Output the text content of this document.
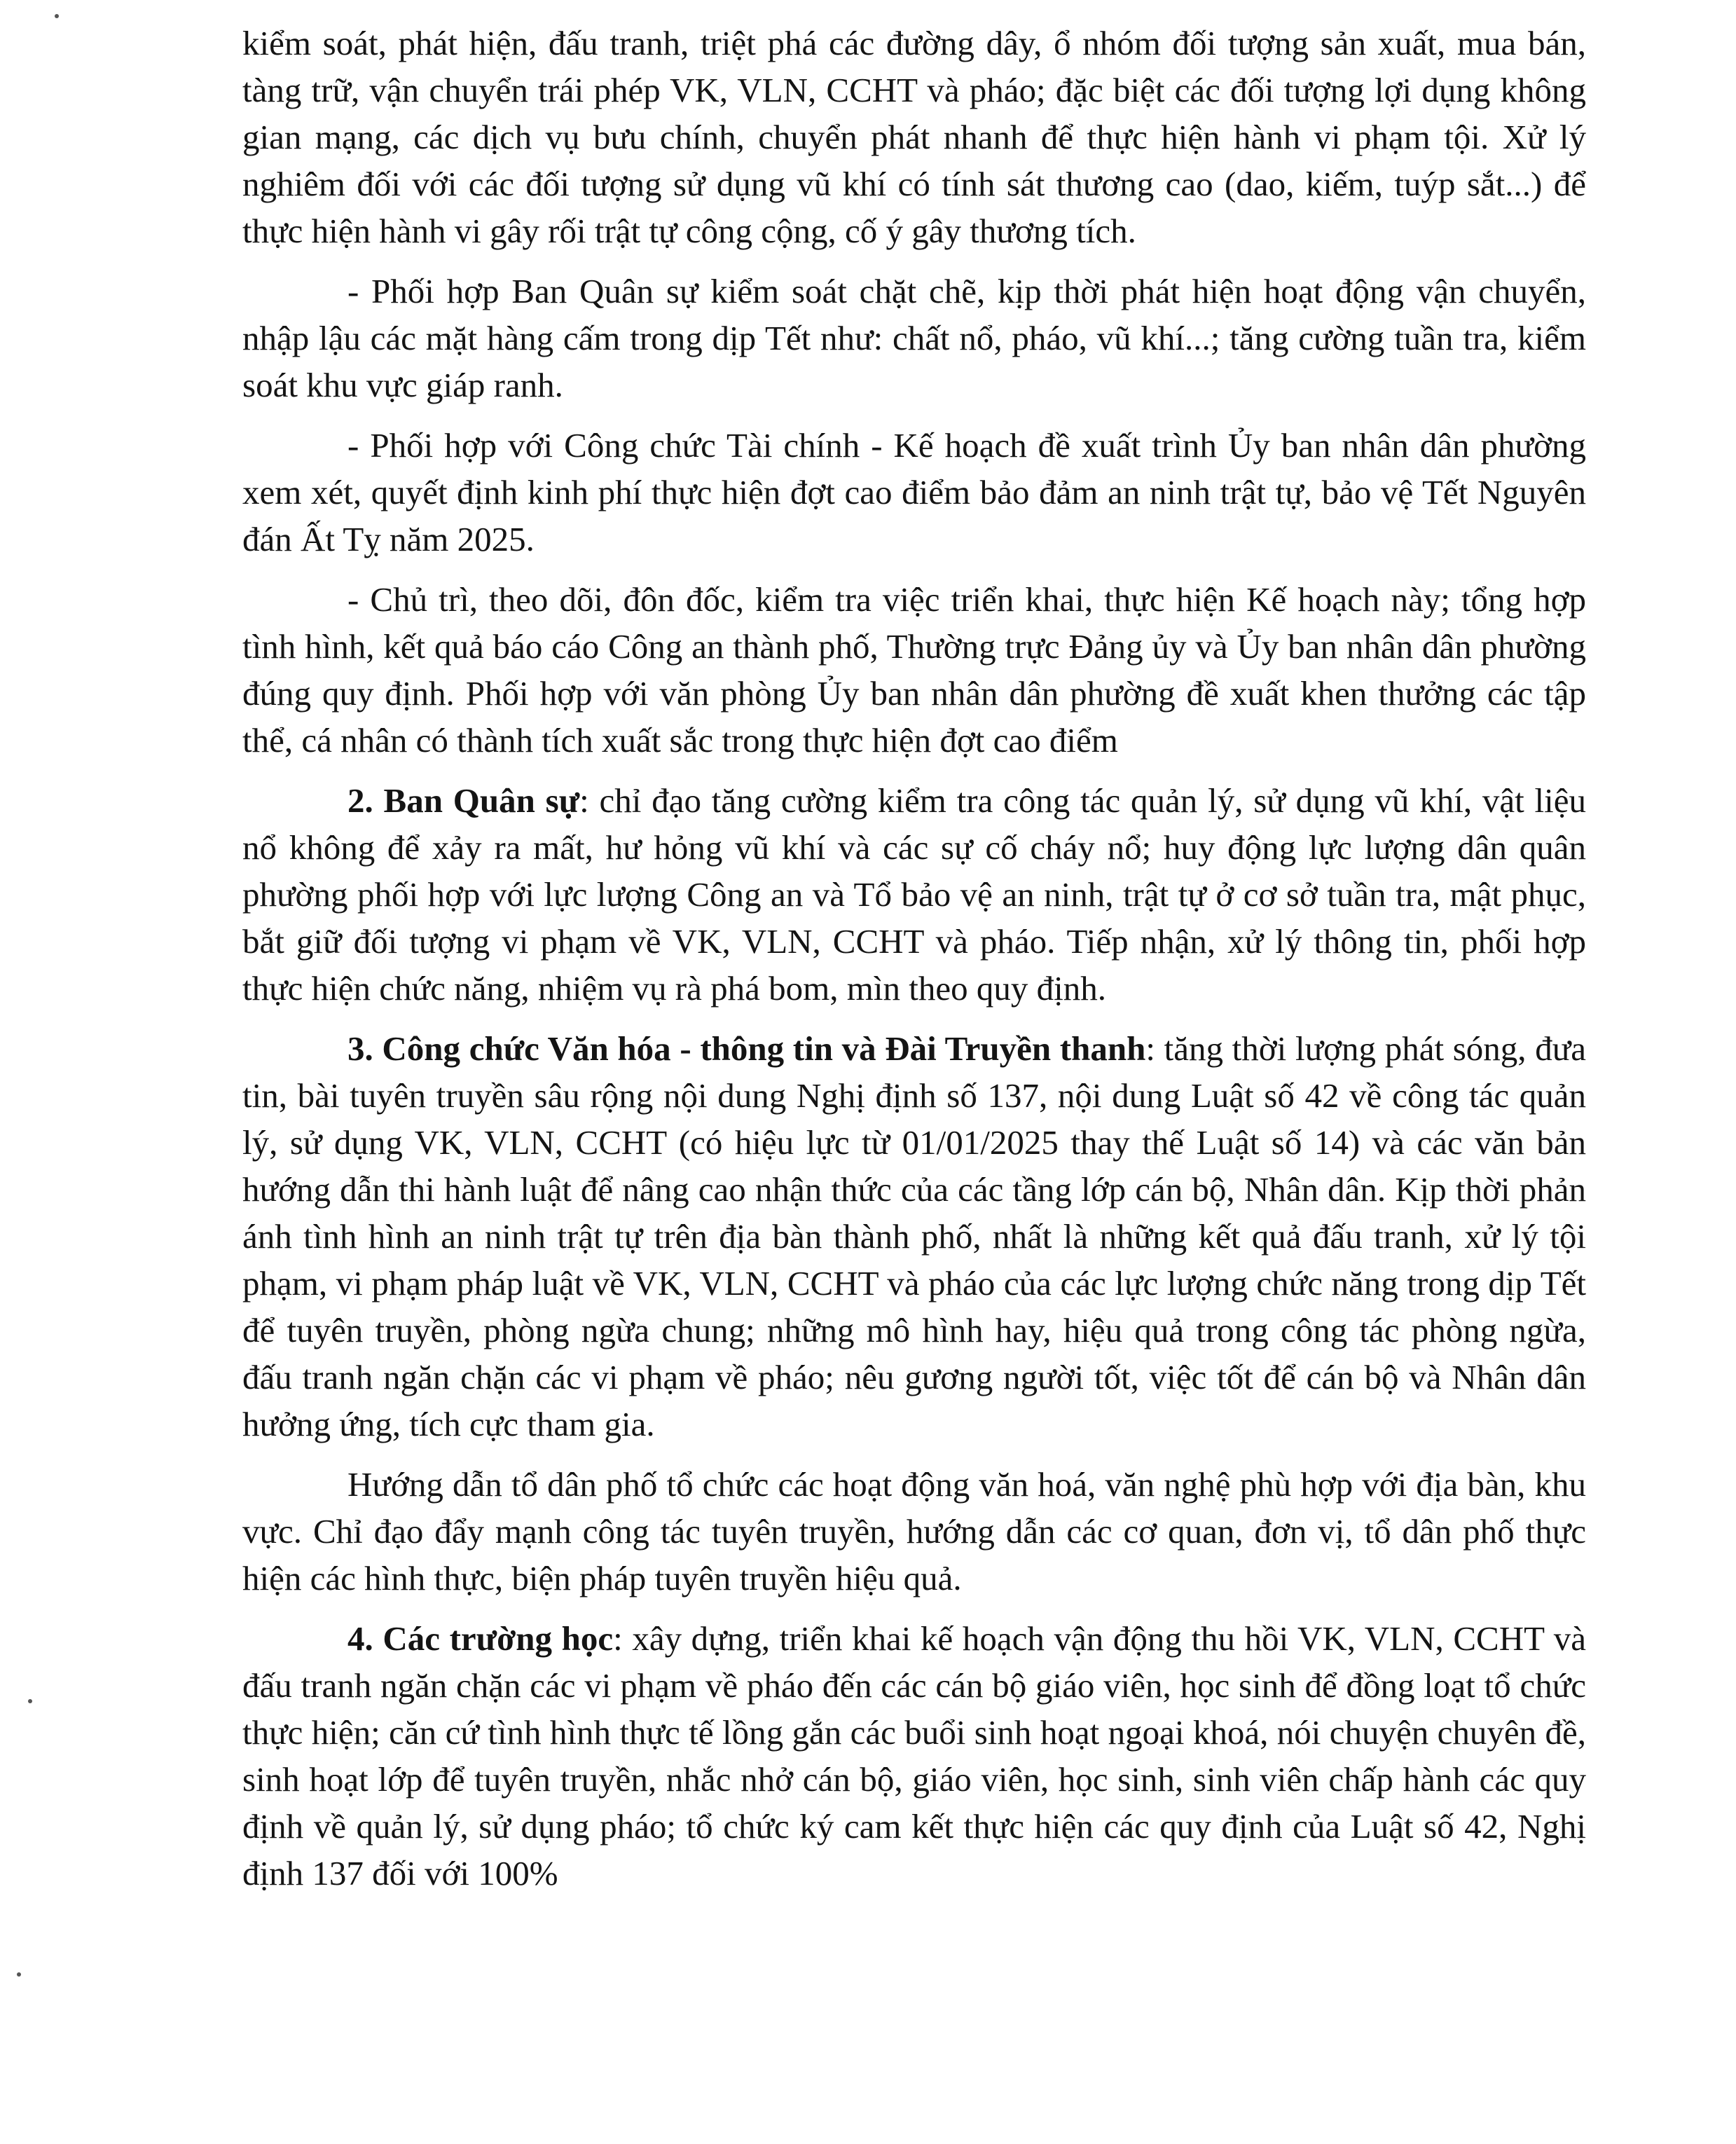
kiểm soát, phát hiện, đấu tranh, triệt phá các đường dây, ổ nhóm đối tượng sản xuất, mua bán, tàng trữ, vận chuyển trái phép VK, VLN, CCHT và pháo; đặc biệt các đối tượng lợi dụng không gian mạng, các dịch vụ bưu chính, chuyển phát nhanh để thực hiện hành vi phạm tội. Xử lý nghiêm đối với các đối tượng sử dụng vũ khí có tính sát thương cao (dao, kiếm, tuýp sắt...) để thực hiện hành vi gây rối trật tự công cộng, cố ý gây thương tích.

- Phối hợp Ban Quân sự kiểm soát chặt chẽ, kịp thời phát hiện hoạt động vận chuyển, nhập lậu các mặt hàng cấm trong dịp Tết như: chất nổ, pháo, vũ khí...; tăng cường tuần tra, kiểm soát khu vực giáp ranh.

- Phối hợp với Công chức Tài chính - Kế hoạch đề xuất trình Ủy ban nhân dân phường xem xét, quyết định kinh phí thực hiện đợt cao điểm bảo đảm an ninh trật tự, bảo vệ Tết Nguyên đán Ất Tỵ năm 2025.

- Chủ trì, theo dõi, đôn đốc, kiểm tra việc triển khai, thực hiện Kế hoạch này; tổng hợp tình hình, kết quả báo cáo Công an thành phố, Thường trực Đảng ủy và Ủy ban nhân dân phường đúng quy định. Phối hợp với văn phòng Ủy ban nhân dân phường đề xuất khen thưởng các tập thể, cá nhân có thành tích xuất sắc trong thực hiện đợt cao điểm

2. Ban Quân sự: chỉ đạo tăng cường kiểm tra công tác quản lý, sử dụng vũ khí, vật liệu nổ không để xảy ra mất, hư hỏng vũ khí và các sự cố cháy nổ; huy động lực lượng dân quân phường phối hợp với lực lượng Công an và Tổ bảo vệ an ninh, trật tự ở cơ sở tuần tra, mật phục, bắt giữ đối tượng vi phạm về VK, VLN, CCHT và pháo. Tiếp nhận, xử lý thông tin, phối hợp thực hiện chức năng, nhiệm vụ rà phá bom, mìn theo quy định.

3. Công chức Văn hóa - thông tin và Đài Truyền thanh: tăng thời lượng phát sóng, đưa tin, bài tuyên truyền sâu rộng nội dung Nghị định số 137, nội dung Luật số 42 về công tác quản lý, sử dụng VK, VLN, CCHT (có hiệu lực từ 01/01/2025 thay thế Luật số 14) và các văn bản hướng dẫn thi hành luật để nâng cao nhận thức của các tầng lớp cán bộ, Nhân dân. Kịp thời phản ánh tình hình an ninh trật tự trên địa bàn thành phố, nhất là những kết quả đấu tranh, xử lý tội phạm, vi phạm pháp luật về VK, VLN, CCHT và pháo của các lực lượng chức năng trong dịp Tết để tuyên truyền, phòng ngừa chung; những mô hình hay, hiệu quả trong công tác phòng ngừa, đấu tranh ngăn chặn các vi phạm về pháo; nêu gương người tốt, việc tốt để cán bộ và Nhân dân hưởng ứng, tích cực tham gia.

Hướng dẫn tổ dân phố tổ chức các hoạt động văn hoá, văn nghệ phù hợp với địa bàn, khu vực. Chỉ đạo đẩy mạnh công tác tuyên truyền, hướng dẫn các cơ quan, đơn vị, tổ dân phố thực hiện các hình thực, biện pháp tuyên truyền hiệu quả.

4. Các trường học: xây dựng, triển khai kế hoạch vận động thu hồi VK, VLN, CCHT và đấu tranh ngăn chặn các vi phạm về pháo đến các cán bộ giáo viên, học sinh để đồng loạt tổ chức thực hiện; căn cứ tình hình thực tế lồng gắn các buổi sinh hoạt ngoại khoá, nói chuyện chuyên đề, sinh hoạt lớp để tuyên truyền, nhắc nhở cán bộ, giáo viên, học sinh, sinh viên chấp hành các quy định về quản lý, sử dụng pháo; tổ chức ký cam kết thực hiện các quy định của Luật số 42, Nghị định 137 đối với 100%
